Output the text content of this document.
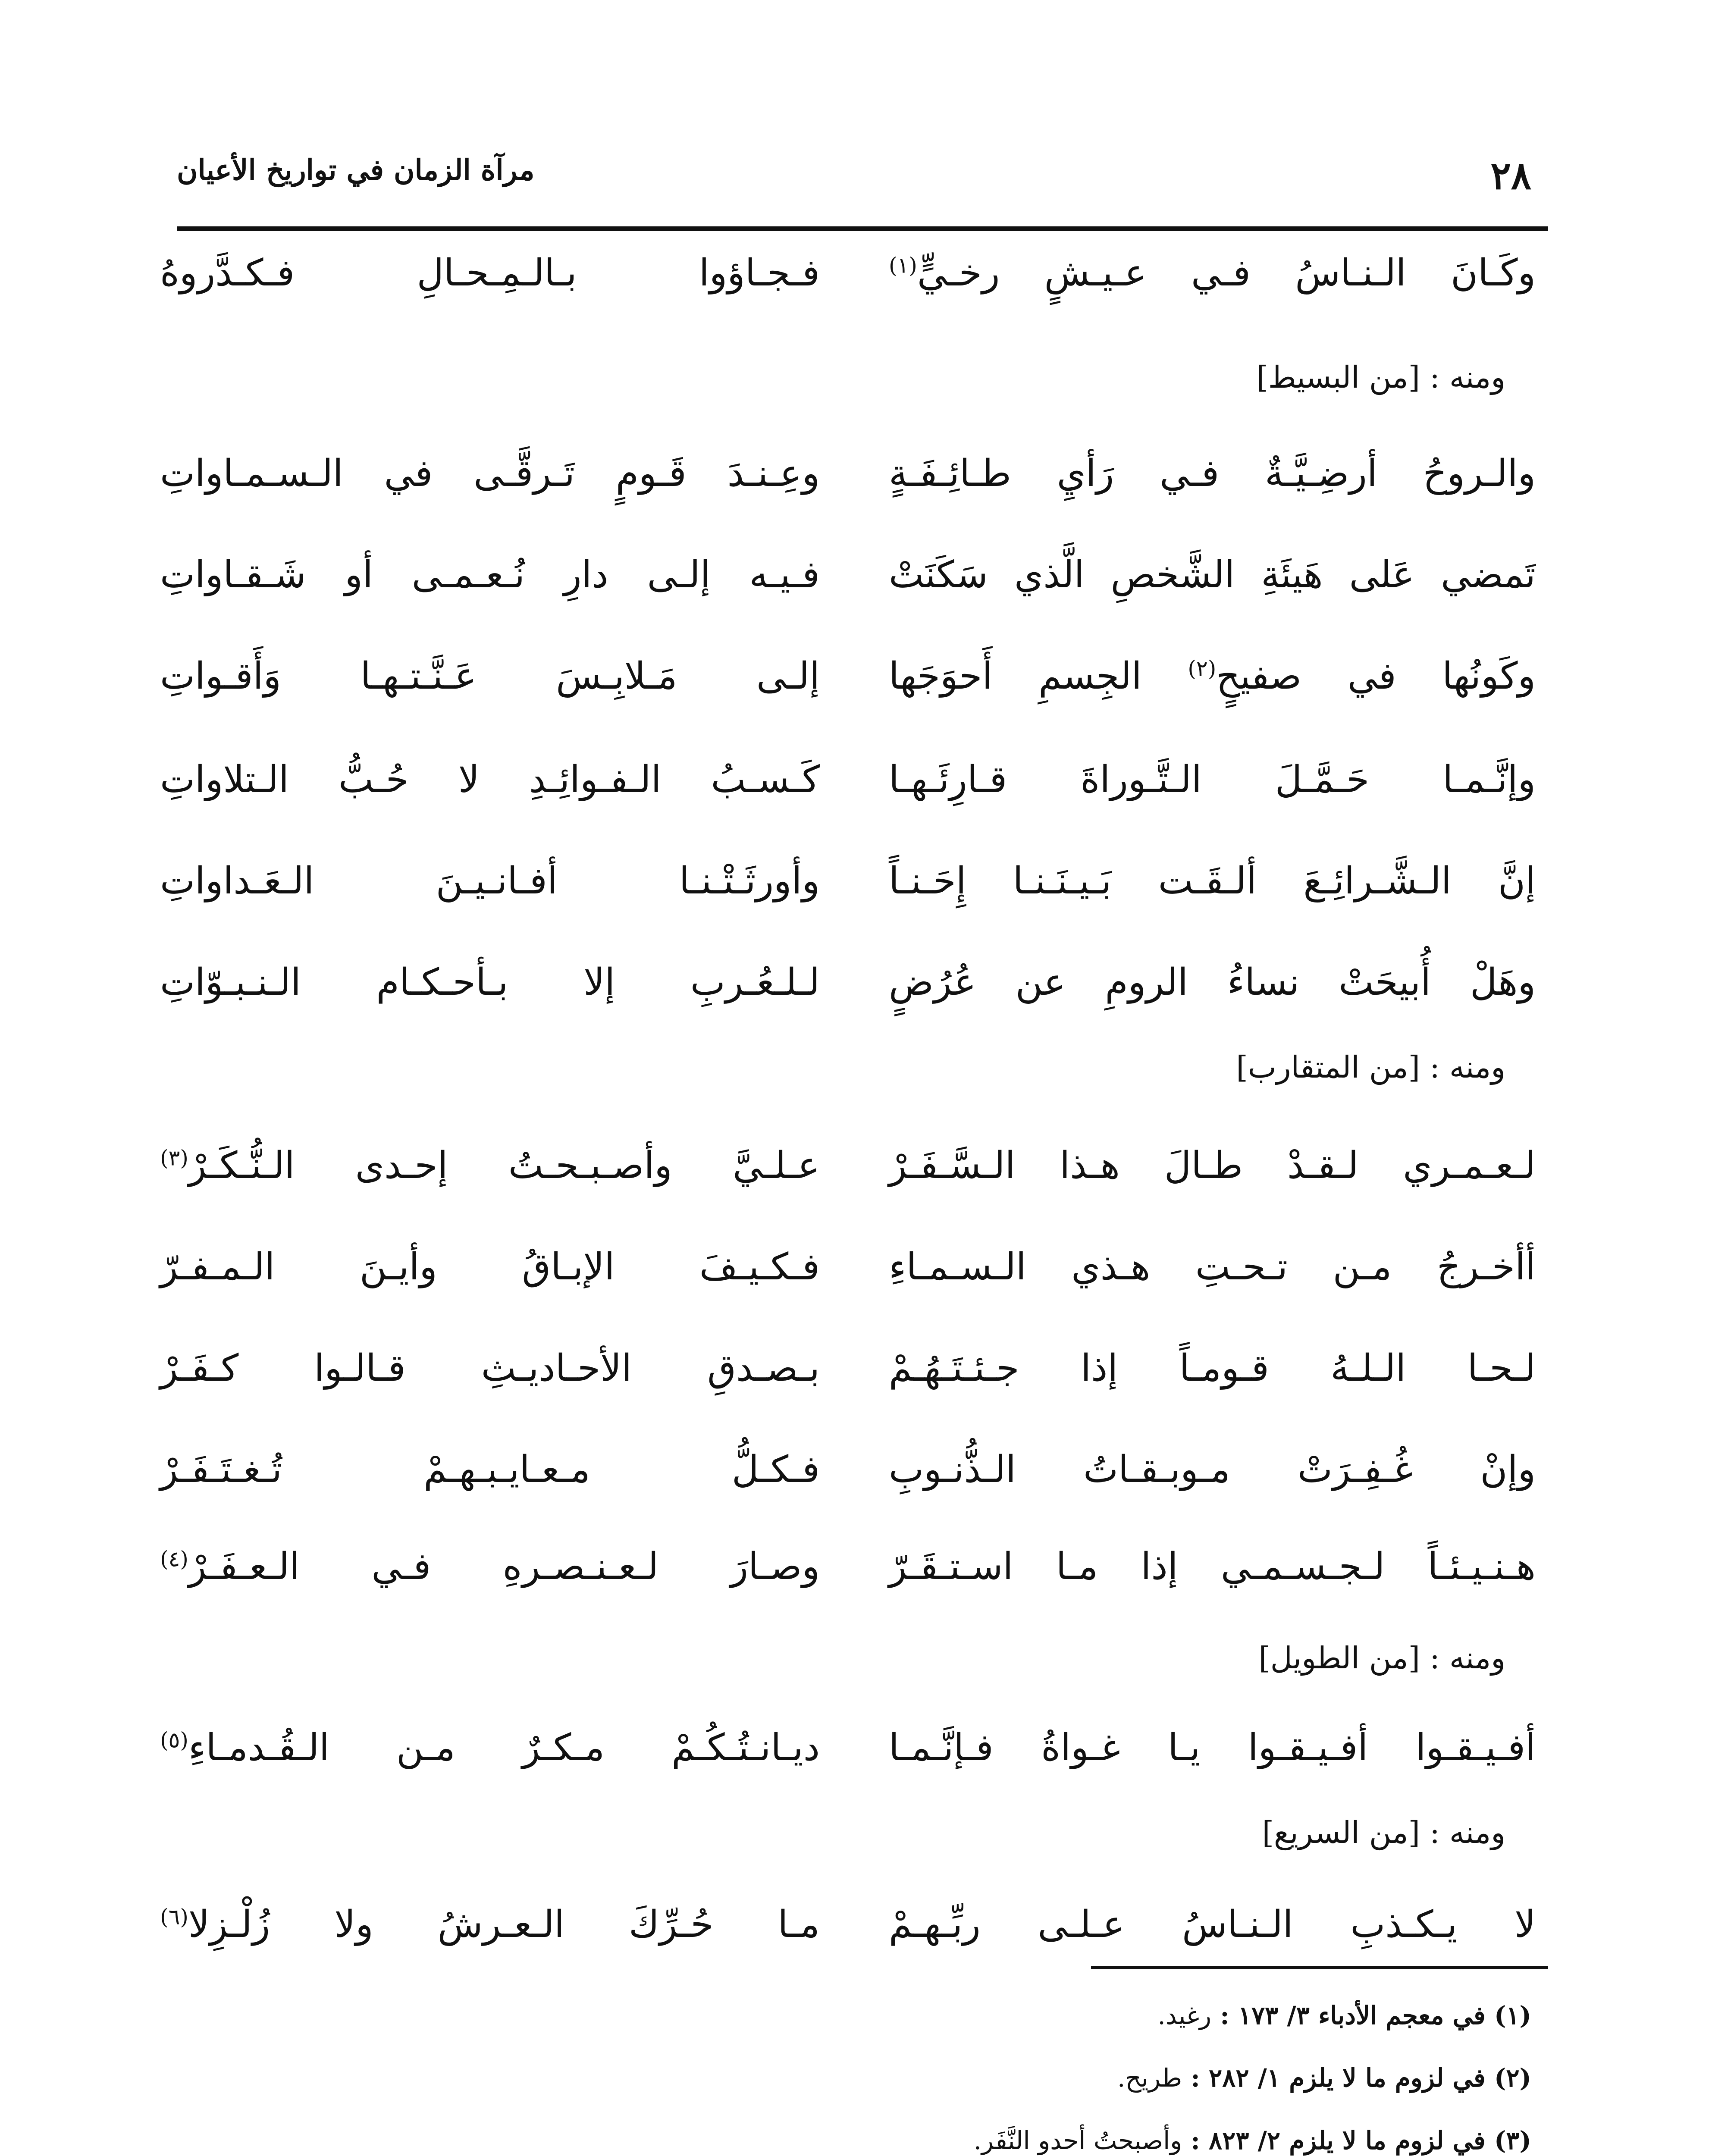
٢٨
مرآة الزمان في تواريخ الأعيان
وكَـانَ الـنـاسُ فـي عـيـشٍ رخـيٍّ$^{(١)}$
فـجـاؤوا بـالـمِـحـالِ فـكـدَّروهُ
ومنه : [من البسيط]
والـروحُ أرضِـيَّـةٌ فـي رَأيِ طـائِـفَـةٍ
وعِـنـدَ قَـومٍ تَـرقَّـى في الـسـمـاواتِ
تَمضي عَلى هَيئَةِ الشَّخصِ الَّذي سَكَنَتْ
فـيـه إلـى دارِ نُـعـمـى أو شَـقـاواتِ
وكَونُها في صفيحٍ$^{(٢)}$ الجِسمِ أَحوَجَها
إلـى مَـلابِـسَ عَـنَّـتـهـا وَأَقـواتِ
وإنَّـمـا حَـمَّـلَ الـتَّـوراةَ قـارِئَـهـا
كَـسـبُ الـفـوائِـدِ لا حُـبُّ الـتلاواتِ
إنَّ الـشَّـرائِـعَ ألـقَـت بَـيـنَـنـا إِحَـنـاً
وأورثَـتْـنـا أفـانـيـنَ الـعَـداواتِ
وهَلْ أُبيحَتْ نساءُ الرومِ عن عُرُضٍ
لـلـعُـربِ إلا بـأحـكـام الـنـبـوّاتِ
ومنه : [من المتقارب]
لـعـمـري لـقـدْ طـالَ هـذا الـسَّـفَـرْ
عـلـيَّ وأصـبـحـتُ إحـدى الـنُّـكَـرْ$^{(٣)}$
أأخـرجُ مـن تـحـتِ هـذي الـسـمـاءِ
فـكـيـفَ الإبـاقُ وأيـنَ الـمـفـرّ
لـحـا الـلـهُ قـومـاً إذا جـئـتَـهُـمْ
بـصـدقِ الأحـاديـثِ قـالـوا كـفَـرْ
وإنْ غُـفِـرَتْ مـوبـقـاتُ الـذُّنـوبِ
فـكـلُّ مـعـايـبـهـمْ تُـغـتَـفَـرْ
هـنـيـئـاً لـجـسـمـي إذا مـا اسـتـقَـرّ
وصـارَ لـعـنـصـرهِ فـي الـعـفَـرْ$^{(٤)}$
ومنه : [من الطويل]
أفـيـقـوا أفـيـقـوا يـا غـواةُ فـإنَّـمـا
ديـانـتُـكُـمْ مـكـرٌ مـن الـقُـدمـاءِ$^{(٥)}$
ومنه : [من السريع]
لا يـكـذبِ الـنـاسُ عـلـى ربِّـهـمْ
مـا حُـرِّكَ الـعـرشُ ولا زُلْـزِلا$^{(٦)}$
(١) في معجم الأدباء ٣/ ١٧٣ : رغيد.
(٢) في لزوم ما لا يلزم ١/ ٢٨٢ : طريح.
(٣) في لزوم ما لا يلزم ٢/ ٨٢٣ : وأصبحتُ أحدو النَّفَر.
